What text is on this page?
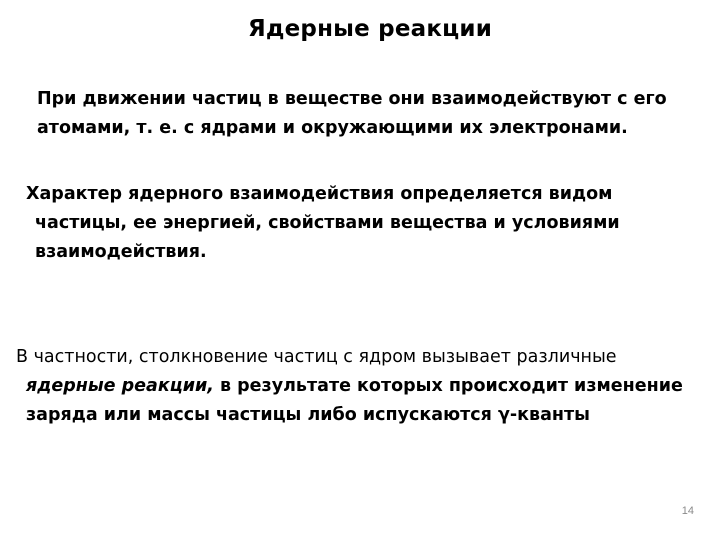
Ядерные реакции
При движении частиц в веществе они взаимодействуют с его
атомами, т. е. с ядрами и окружающими их электронами.
Характер ядерного взаимодействия определяется видом
частицы, ее энергией, свойствами вещества и условиями
взаимодействия.
В частности, столкновение частиц с ядром вызывает различные
ядерные реакции, в результате которых происходит изменение
заряда или массы частицы либо испускаются γ-кванты
14
